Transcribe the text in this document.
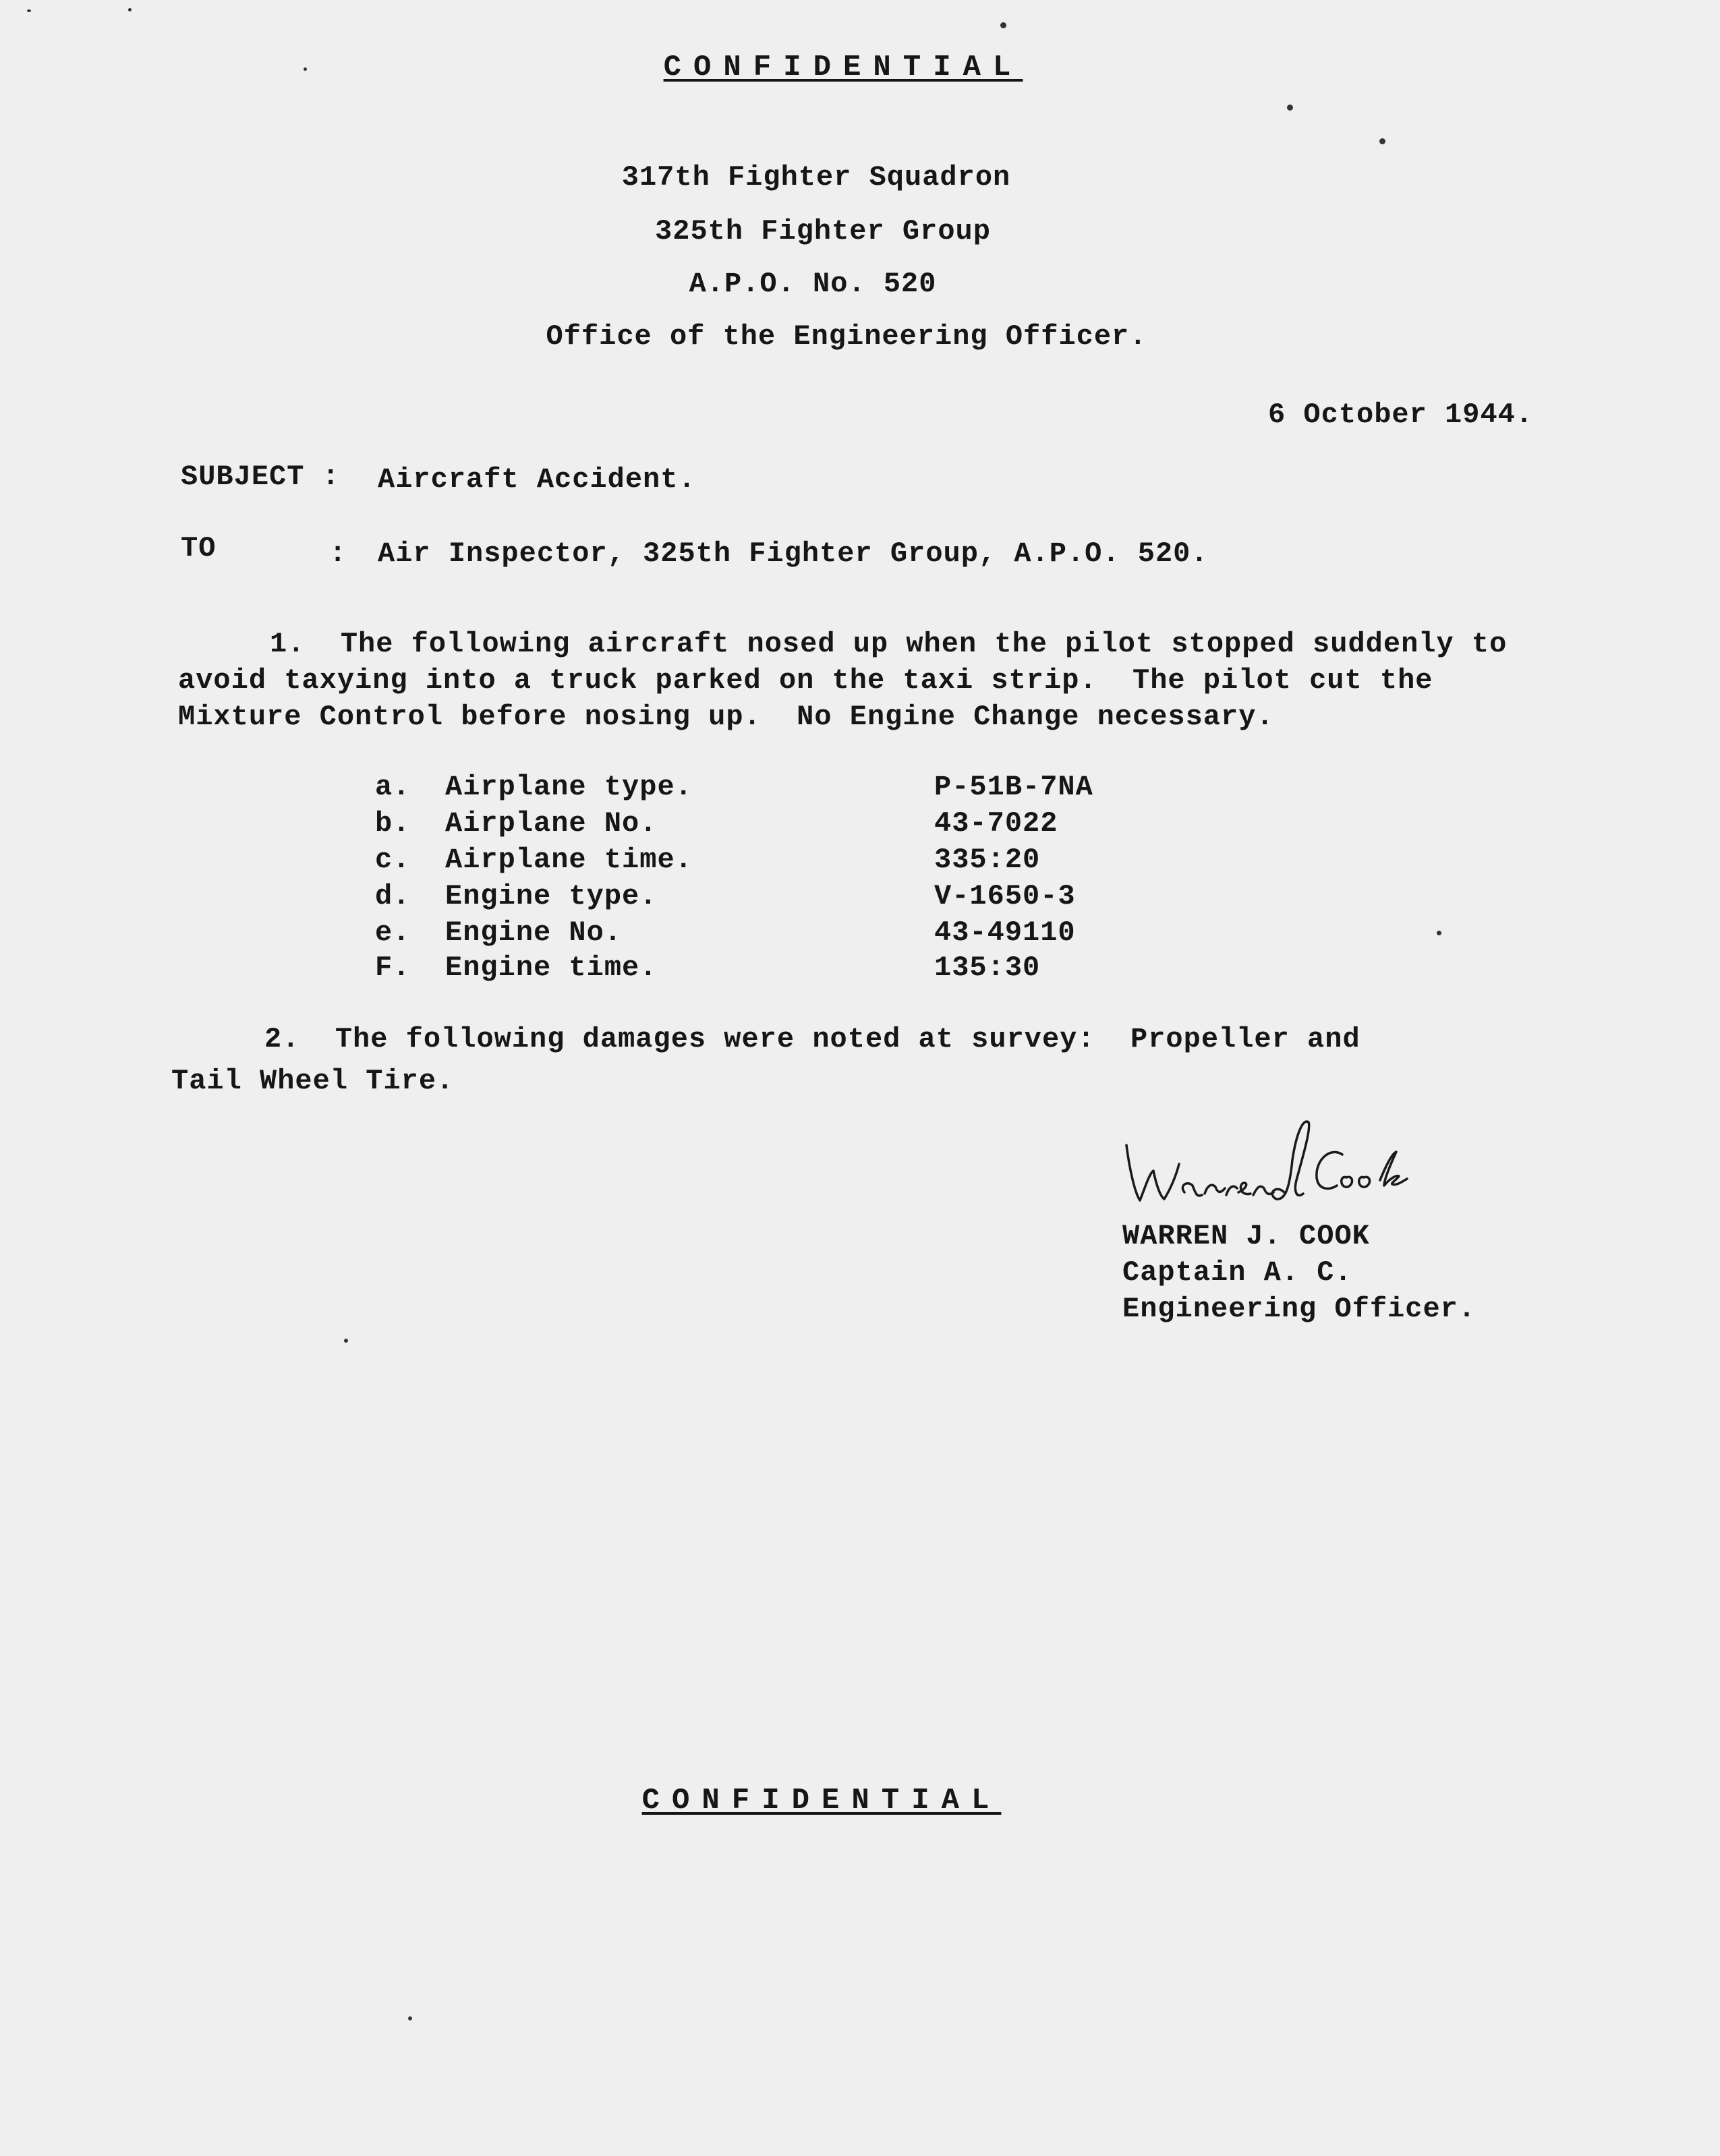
CONFIDENTIAL
317th Fighter Squadron
325th Fighter Group
A.P.O. No. 520
Office of the Engineering Officer.
6 October 1944.
SUBJECT : Aircraft Accident.
TO	: Air Inspector, 325th Fighter Group, A.P.O. 520.
1.  The following aircraft nosed up when the pilot stopped suddenly to
avoid taxying into a truck parked on the taxi strip.  The pilot cut the
Mixture Control before nosing up.  No Engine Change necessary.
a. Airplane type.	P-51B-7NA
b. Airplane No.	43-7022
c. Airplane time.	335:20
d. Engine type.	V-1650-3
e. Engine No.	43-49110
F. Engine time.	135:30
2.  The following damages were noted at survey:  Propeller and
Tail Wheel Tire.
WARREN J. COOK
Captain A. C.
Engineering Officer.
CONFIDENTIAL
